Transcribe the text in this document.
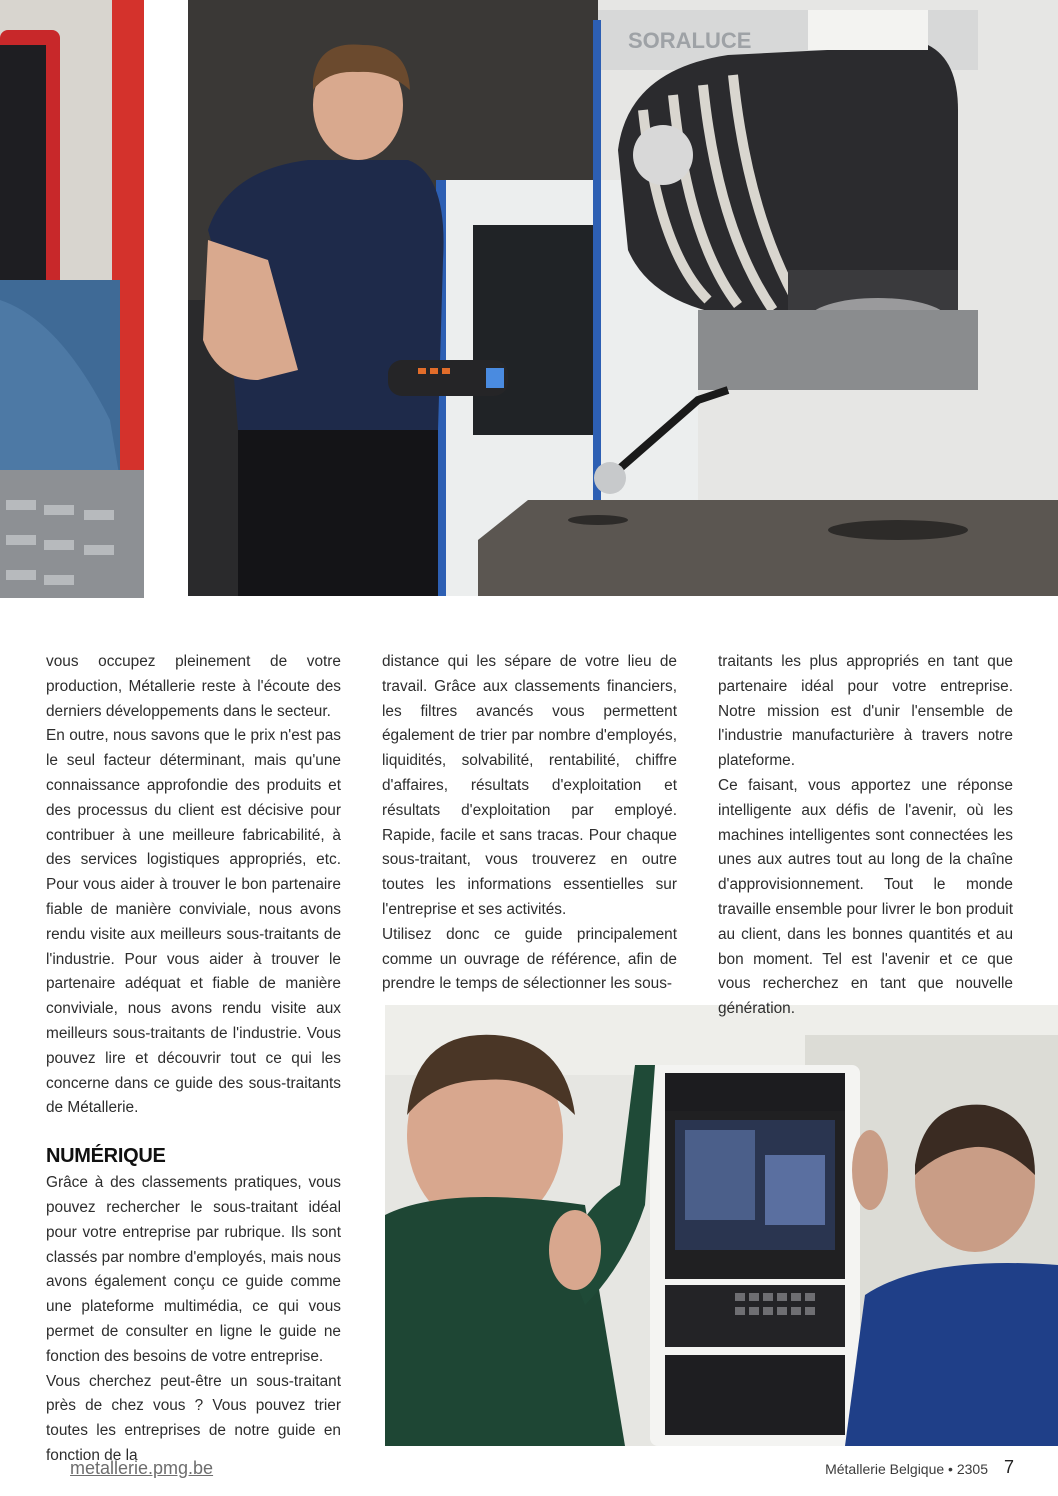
SORALUCE

vous occupez pleinement de votre production, Métallerie reste à l'écoute des derniers développements dans le secteur.

En outre, nous savons que le prix n'est pas le seul facteur déterminant, mais qu'une connaissance approfondie des produits et des processus du client est décisive pour contribuer à une meilleure fabricabilité, à des services logistiques appropriés, etc. Pour vous aider à trouver le bon partenaire fiable de manière conviviale, nous avons rendu visite aux meilleurs sous-traitants de l'industrie. Pour vous aider à trouver le partenaire adéquat et fiable de manière conviviale, nous avons rendu visite aux meilleurs sous-traitants de l'industrie. Vous pouvez lire et découvrir tout ce qui les concerne dans ce guide des sous-traitants de Métallerie.

NUMÉRIQUE

Grâce à des classements pratiques, vous pouvez rechercher le sous-traitant idéal pour votre entreprise par rubrique. Ils sont classés par nombre d'employés, mais nous avons également conçu ce guide comme une plateforme multimédia, ce qui vous permet de consulter en ligne le guide ne fonction des besoins de votre entreprise.

Vous cherchez peut-être un sous-traitant près de chez vous ? Vous pouvez trier toutes les entreprises de notre guide en fonction de la

distance qui les sépare de votre lieu de travail. Grâce aux classements financiers, les filtres avancés vous permettent également de trier par nombre d'employés, liquidités, solvabilité, rentabilité, chiffre d'affaires, résultats d'exploitation et résultats d'exploitation par employé. Rapide, facile et sans tracas. Pour chaque sous-traitant, vous trouverez en outre toutes les informations essentielles sur l'entreprise et ses activités.

Utilisez donc ce guide principalement comme un ouvrage de référence, afin de prendre le temps de sélectionner les sous-

traitants les plus appropriés en tant que partenaire idéal pour votre entreprise. Notre mission est d'unir l'ensemble de l'industrie manufacturière à travers notre plateforme.

Ce faisant, vous apportez une réponse intelligente aux défis de l'avenir, où les machines intelligentes sont connectées les unes aux autres tout au long de la chaîne d'approvisionnement. Tout le monde travaille ensemble pour livrer le bon produit au client, dans les bonnes quantités et au bon moment. Tel est l'avenir et ce que vous recherchez en tant que nouvelle génération.

metallerie.pmg.be	Métallerie Belgique • 2305 7
